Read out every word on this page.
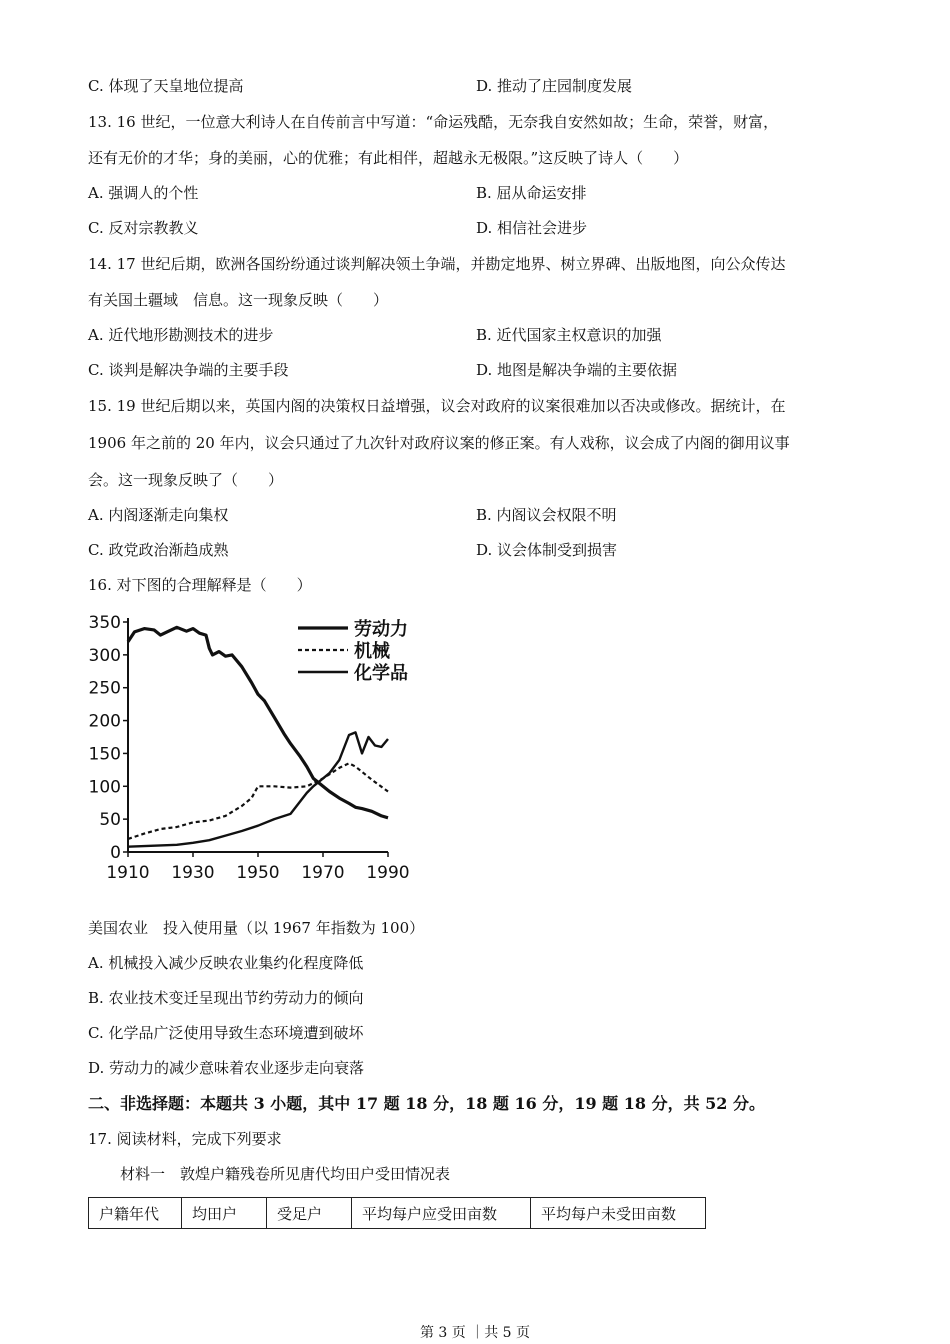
C. 体现了天皇地位提高	D. 推动了庄园制度发展
13. 16 世纪，一位意大利诗人在自传前言中写道：“命运残酷，无奈我自安然如故；生命，荣誉，财富，
还有无价的才华；身的美丽，心的优雅；有此相伴，超越永无极限。”这反映了诗人（　　）
A. 强调人的个性	B. 屈从命运安排
C. 反对宗教教义	D. 相信社会进步
14. 17 世纪后期，欧洲各国纷纷通过谈判解决领土争端，并勘定地界、树立界碑、出版地图，向公众传达
有关国土疆域　信息。这一现象反映（　　）
A. 近代地形勘测技术的进步	B. 近代国家主权意识的加强
C. 谈判是解决争端的主要手段	D. 地图是解决争端的主要依据
15. 19 世纪后期以来，英国内阁的决策权日益增强，议会对政府的议案很难加以否决或修改。据统计，在
1906 年之前的 20 年内，议会只通过了九次针对政府议案的修正案。有人戏称，议会成了内阁的御用议事
会。这一现象反映了（　　）
A. 内阁逐渐走向集权	B. 内阁议会权限不明
C. 政党政治渐趋成熟	D. 议会体制受到损害
16. 对下图的合理解释是（　　）
0
50
100
150
200
250
300
350
1910 1930 1950 1970 1990
劳动力
机械
化学品
美国农业　投入使用量（以 1967 年指数为 100）
A. 机械投入减少反映农业集约化程度降低
B. 农业技术变迁呈现出节约劳动力的倾向
C. 化学品广泛使用导致生态环境遭到破坏
D. 劳动力的减少意味着农业逐步走向衰落
二、非选择题：本题共 3 小题，其中 17 题 18 分，18 题 16 分，19 题 18 分，共 52 分。
17. 阅读材料，完成下列要求
材料一　敦煌户籍残卷所见唐代均田户受田情况表
户籍年代	均田户	受足户	平均每户应受田亩数	平均每户未受田亩数
第 3 页 ｜共 5 页
